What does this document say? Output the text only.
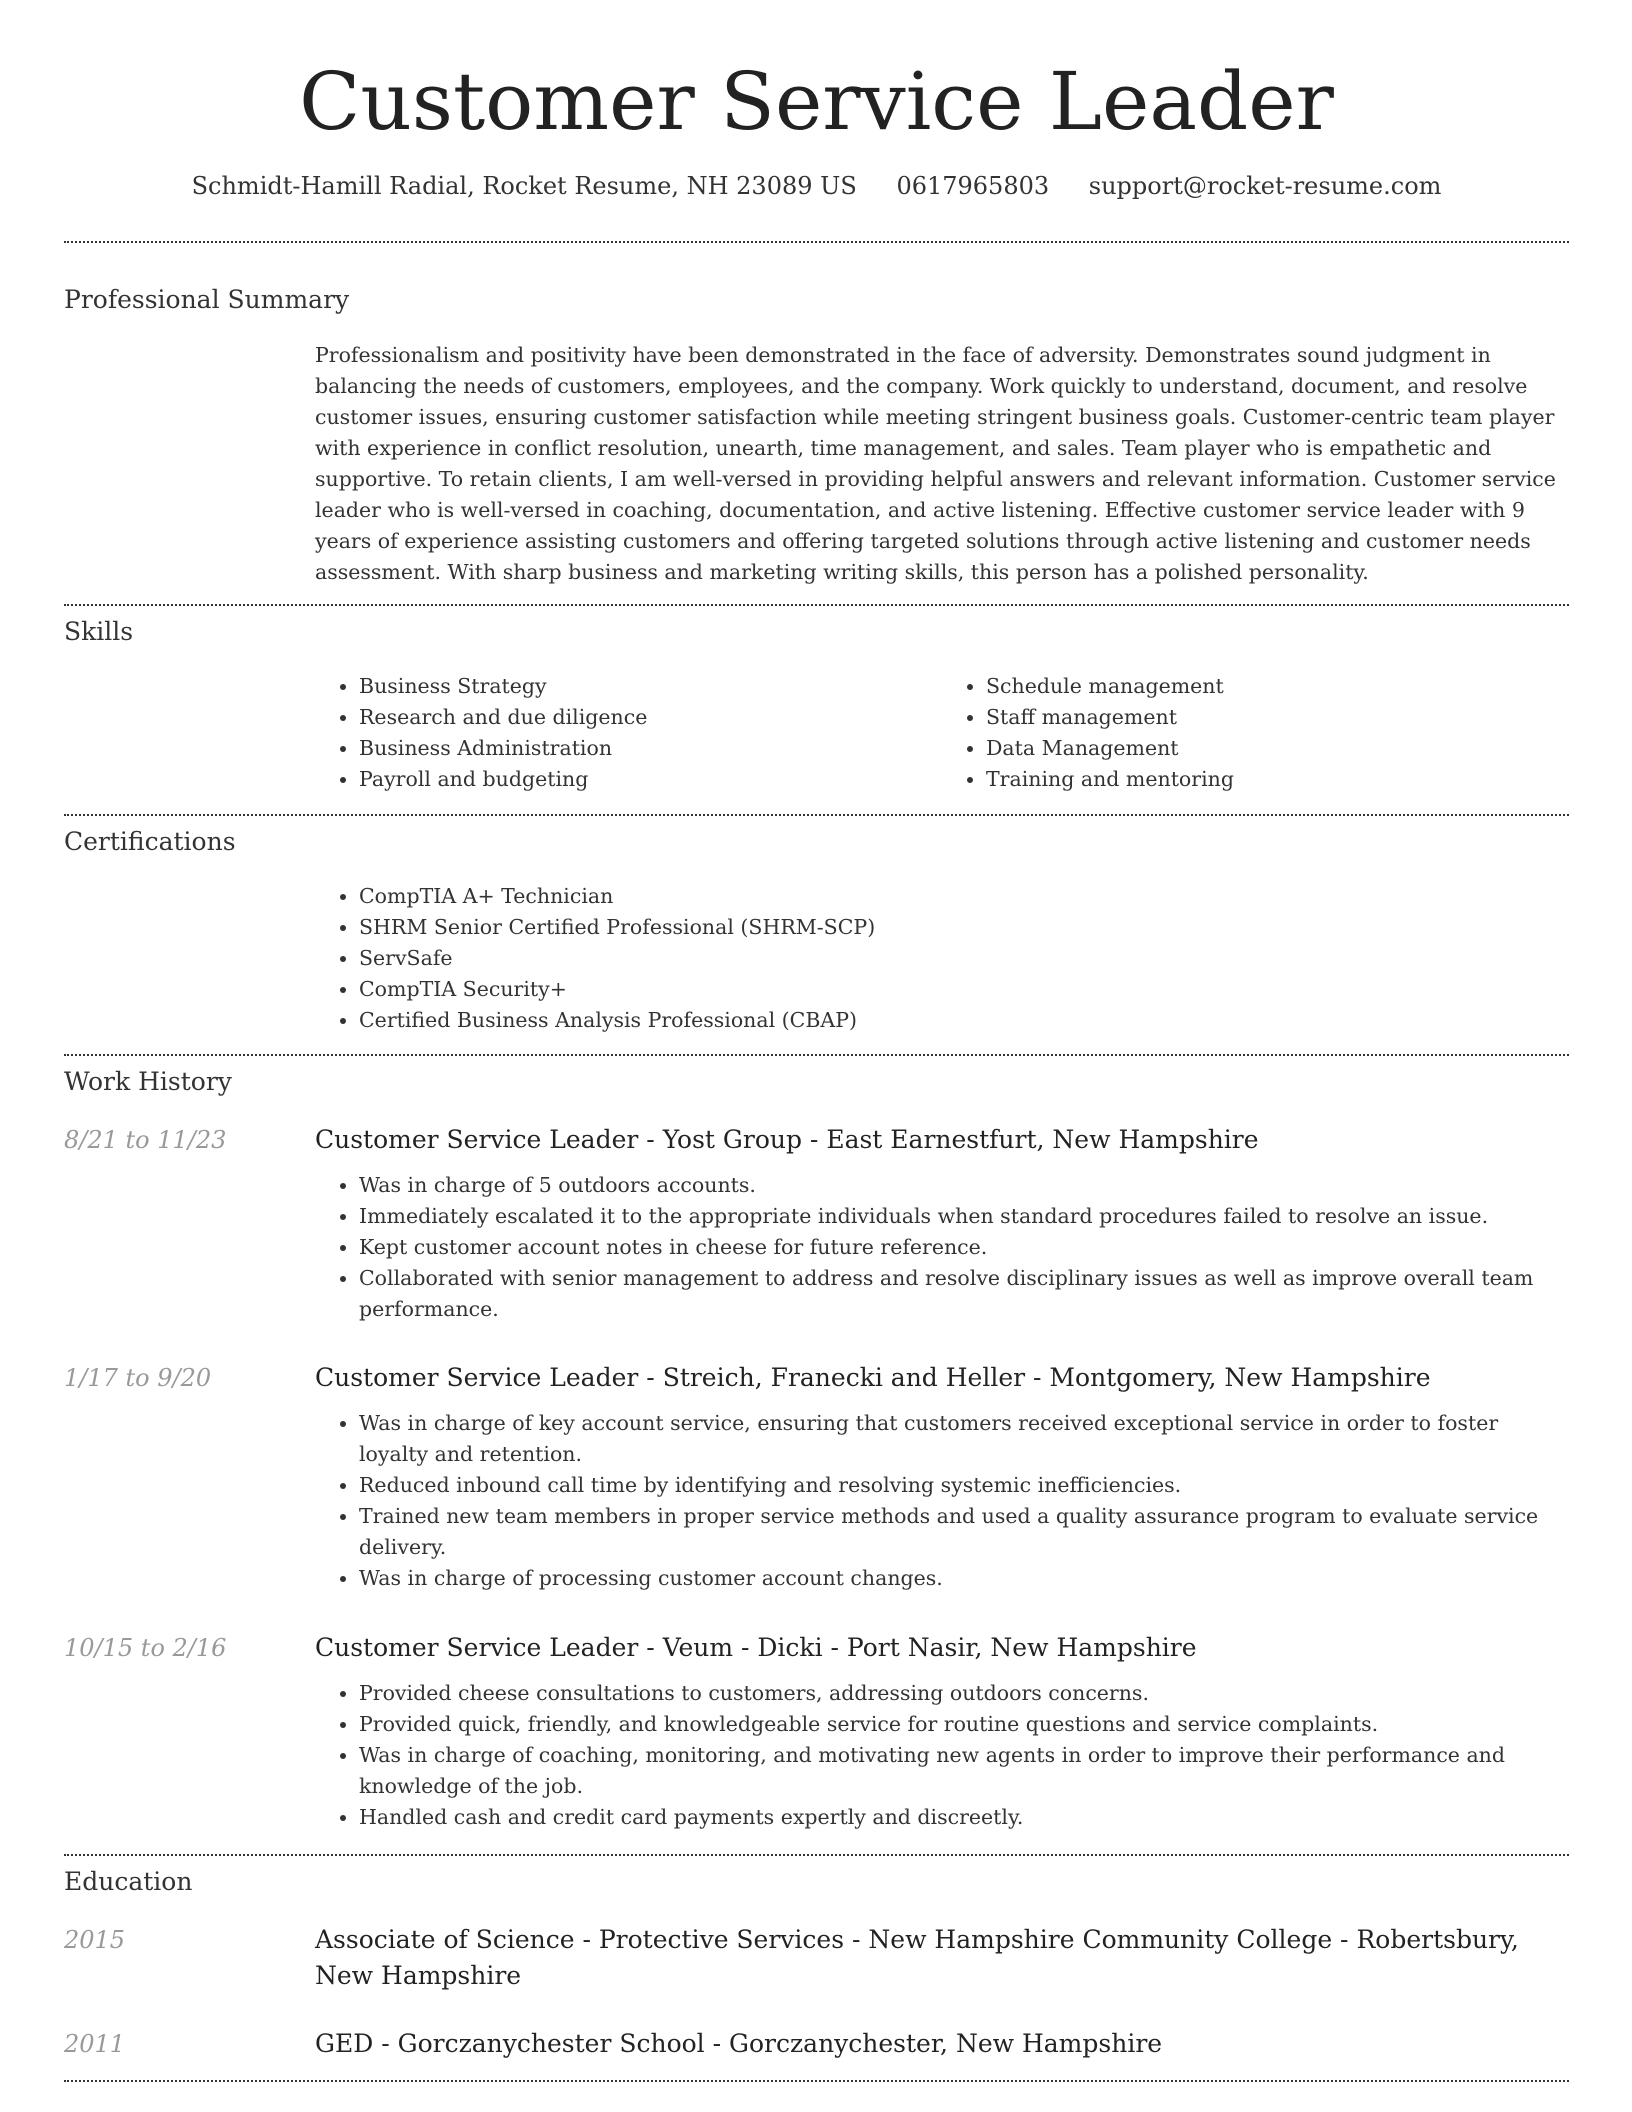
Customer Service Leader
Schmidt-Hamill Radial, Rocket Resume, NH 23089 US 0617965803 support@rocket-resume.com
Professional Summary

Professionalism and positivity have been demonstrated in the face of adversity. Demonstrates sound judgment in balancing the needs of customers, employees, and the company. Work quickly to understand, document, and resolve customer issues, ensuring customer satisfaction while meeting stringent business goals. Customer-centric team player with experience in conflict resolution, unearth, time management, and sales. Team player who is empathetic and supportive. To retain clients, I am well-versed in providing helpful answers and relevant information. Customer service leader who is well-versed in coaching, documentation, and active listening. Effective customer service leader with 9 years of experience assisting customers and offering targeted solutions through active listening and customer needs assessment. With sharp business and marketing writing skills, this person has a polished personality.

Skills
• Business Strategy
• Research and due diligence
• Business Administration
• Payroll and budgeting
• Schedule management
• Staff management
• Data Management
• Training and mentoring
Certifications
• CompTIA A+ Technician
• SHRM Senior Certified Professional (SHRM-SCP)
• ServSafe
• CompTIA Security+
• Certified Business Analysis Professional (CBAP)
Work History
8/21 to 11/23	Customer Service Leader - Yost Group - East Earnestfurt, New Hampshire
• Was in charge of 5 outdoors accounts.
• Immediately escalated it to the appropriate individuals when standard procedures failed to resolve an issue.
• Kept customer account notes in cheese for future reference.
• Collaborated with senior management to address and resolve disciplinary issues as well as improve overall team performance.
1/17 to 9/20	Customer Service Leader - Streich, Franecki and Heller - Montgomery, New Hampshire
• Was in charge of key account service, ensuring that customers received exceptional service in order to foster loyalty and retention.
• Reduced inbound call time by identifying and resolving systemic inefficiencies.
• Trained new team members in proper service methods and used a quality assurance program to evaluate service delivery.
• Was in charge of processing customer account changes.
10/15 to 2/16	Customer Service Leader - Veum - Dicki - Port Nasir, New Hampshire
• Provided cheese consultations to customers, addressing outdoors concerns.
• Provided quick, friendly, and knowledgeable service for routine questions and service complaints.
• Was in charge of coaching, monitoring, and motivating new agents in order to improve their performance and knowledge of the job.
• Handled cash and credit card payments expertly and discreetly.
Education
2015	Associate of Science - Protective Services - New Hampshire Community College - Robertsbury, New Hampshire
2011	GED - Gorczanychester School - Gorczanychester, New Hampshire
